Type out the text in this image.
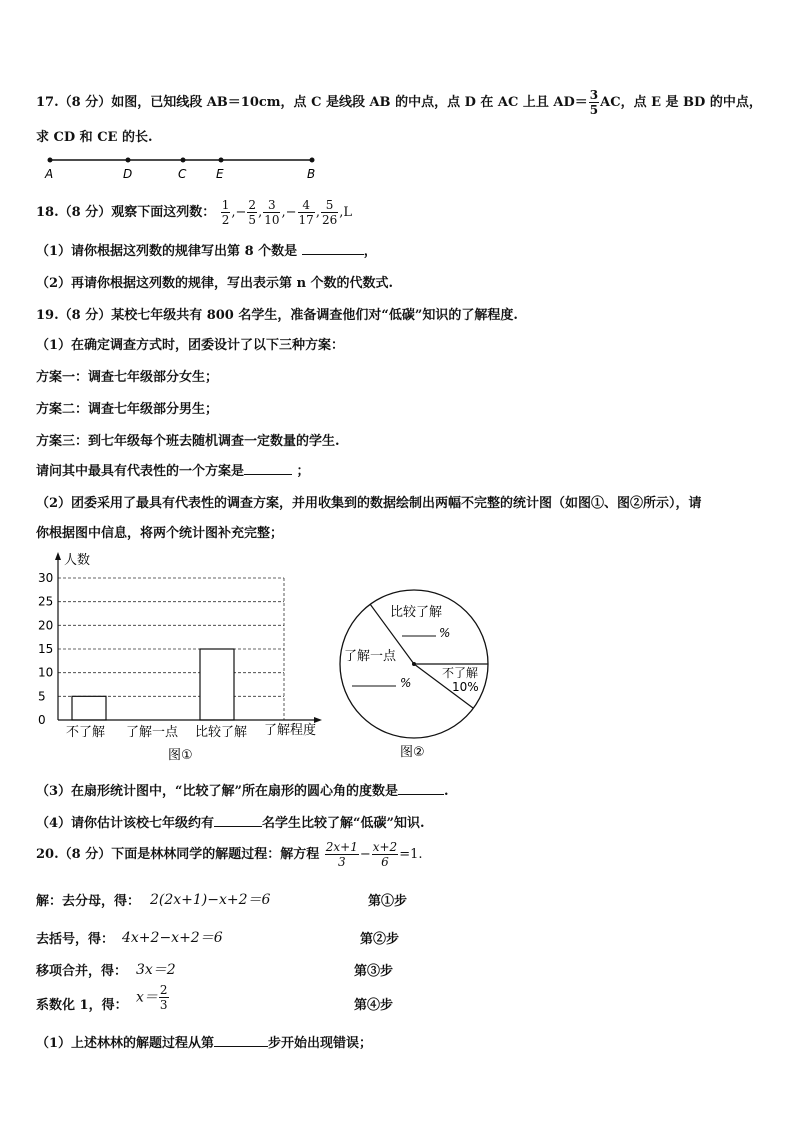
17.（8 分）如图，已知线段 AB＝10cm，点 C 是线段 AB 的中点，点 D 在 AC 上且 $AD= \frac{3}{5}$ AC，点 E 是 BD 的中点，
求 CD 和 CE 的长.
A	D	C E	B
18.（8 分）观察下面这列数： $\frac{1}{2}$ ,− $\frac{2}{5}$ , $\frac{3}{10}$ ,− $\frac{4}{17}$ , $\frac{5}{26} ,L$
（1）请你根据这列数的规律写出第 8 个数是	，
（2）再请你根据这列数的规律，写出表示第 n 个数的代数式.
19.（8 分）某校七年级共有 800 名学生，准备调查他们对“低碳”知识的了解程度.
（1）在确定调查方式时，团委设计了以下三种方案：
方案一：调查七年级部分女生；
方案二：调查七年级部分男生；
方案三：到七年级每个班去随机调查一定数量的学生.
请问其中最具有代表性的一个方案是	；
（2）团委采用了最具有代表性的调查方案，并用收集到的数据绘制出两幅不完整的统计图（如图①、图②所示），请
你根据图中信息，将两个统计图补充完整；
0
5
10
15
20
25
30
人数
不了解 了解一点 比较了解 了解程度
图①
比较了解
%
了解一点
%
不了解
10%
图②
（3）在扇形统计图中，“比较了解”所在扇形的圆心角的度数是	.
（4）请你估计该校七年级约有	名学生比较了解“低碳”知识.
20.（8 分）下面是林林同学的解题过程：解方程 $\frac{2x+1}{3} - \frac{x+2}{6} =1$.
解：去分母，得： 2(2x+1)−x+2＝6	第①步
去括号，得： 4x+2−x+2＝6	第②步
移项合并，得： 3x＝2	第③步
系数化 1，得： $x= \frac{2}{3}$	第④步
（1）上述林林的解题过程从第	步开始出现错误；
